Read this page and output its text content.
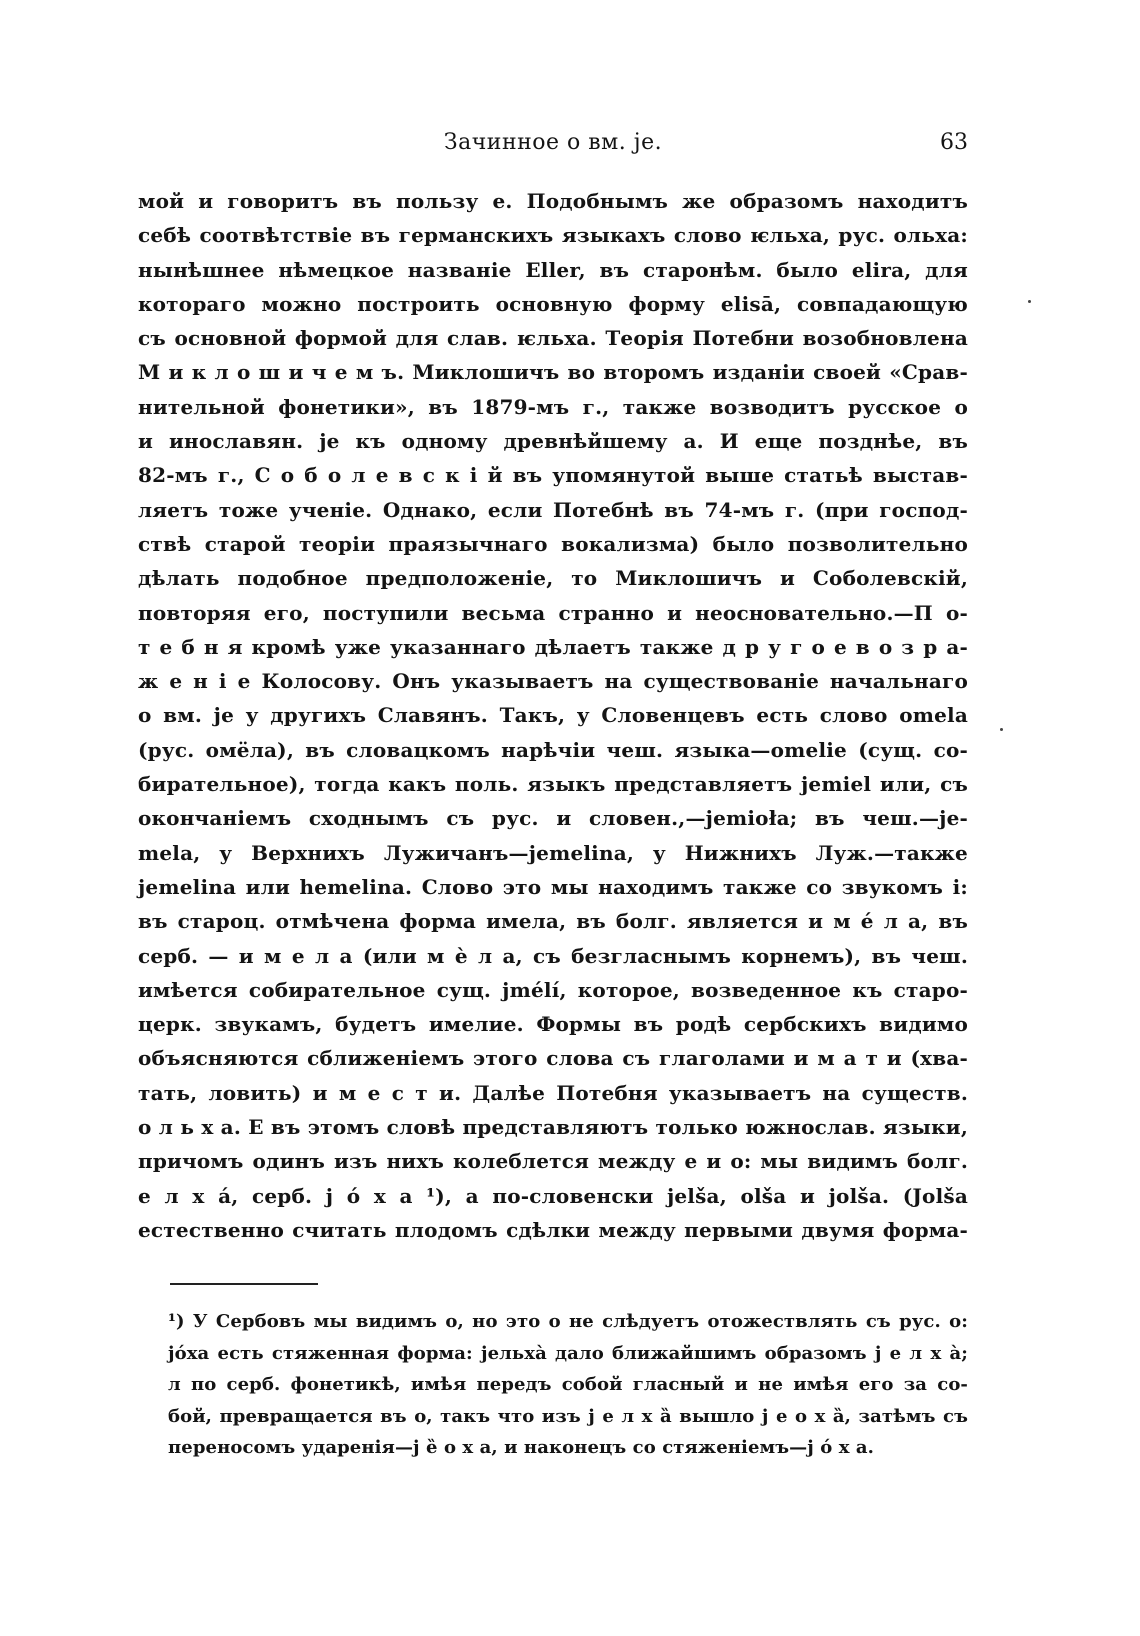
Зачинное o вм. je.	63
мой и говоритъ въ пользу e. Подобнымъ же образомъ находитъ
себѣ соотвѣтствіе въ германскихъ языкахъ слово ѥльха, рус. ольха:
нынѣшнее нѣмецкое названіе Eller, въ старонѣм. было elira, для
котораго можно построить основную форму elisā, совпадающую
съ основной формой для слав. ѥльха. Теорія Потебни возобновлена
М и к л о ш и ч е м ъ. Миклошичъ во второмъ изданіи своей «Срав-
нительной фонетики», въ 1879-мъ г., также возводитъ русское o
и инославян. je къ одному древнѣйшему a. И еще позднѣе, въ
82-мъ г., С о б о л е в с к і й въ упомянутой выше статьѣ выстав-
ляетъ тоже ученіе. Однако, если Потебнѣ въ 74-мъ г. (при господ-
ствѣ старой теоріи праязычнаго вокализма) было позволительно
дѣлать подобное предположеніе, то Миклошичъ и Соболевскій,
повторяя его, поступили весьма странно и неосновательно.—П о-
т е б н я кромѣ уже указаннаго дѣлаетъ также д р у г о е в о з р а-
ж е н і е Колосову. Онъ указываетъ на существованіе начальнаго
o вм. je у другихъ Славянъ. Такъ, у Словенцевъ есть слово omela
(рус. омёла), въ словацкомъ нарѣчіи чеш. языка—omelie (сущ. со-
бирательное), тогда какъ поль. языкъ представляетъ jemiel или, съ
окончаніемъ сходнымъ съ рус. и словен.,—jemioła; въ чеш.—je-
mela, у Верхнихъ Лужичанъ—jemelina, у Нижнихъ Луж.—также
jemelina или hemelina. Слово это мы находимъ также со звукомъ i:
въ староц. отмѣчена форма имела, въ болг. является и м é л а, въ
серб. — и м е л а (или м ѐ л а, съ безгласнымъ корнемъ), въ чеш.
имѣется собирательное сущ. jmélí, которое, возведенное къ старо-
церк. звукамъ, будетъ имелие. Формы въ родѣ сербскихъ видимо
объясняются сближеніемъ этого слова съ глаголами и м а т и (хва-
тать, ловить) и м е с т и. Далѣе Потебня указываетъ на существ.
о л ь х а. E въ этомъ словѣ представляютъ только южнослав. языки,
причомъ одинъ изъ нихъ колеблется между e и o: мы видимъ болг.
е л х á, серб. j ó х а ¹), а по-словенски jelša, olša и jolša. (Jolša
естественно считать плодомъ сдѣлки между первыми двумя форма-
¹) У Сербовъ мы видимъ o, но это o не слѣдуетъ отожествлять съ рус. o:
jóха есть стяженная форма: jельха̀ дало ближайшимъ образомъ j е л х а̀;
л по серб. фонетикѣ, имѣя передъ собой гласный и не имѣя его за со-
бой, превращается въ o, такъ что изъ j е л х а̏ вышло j е о х а̏, затѣмъ съ
переносомъ ударенія—j е̏ о х а, и наконецъ со стяженіемъ—j ó х а.
